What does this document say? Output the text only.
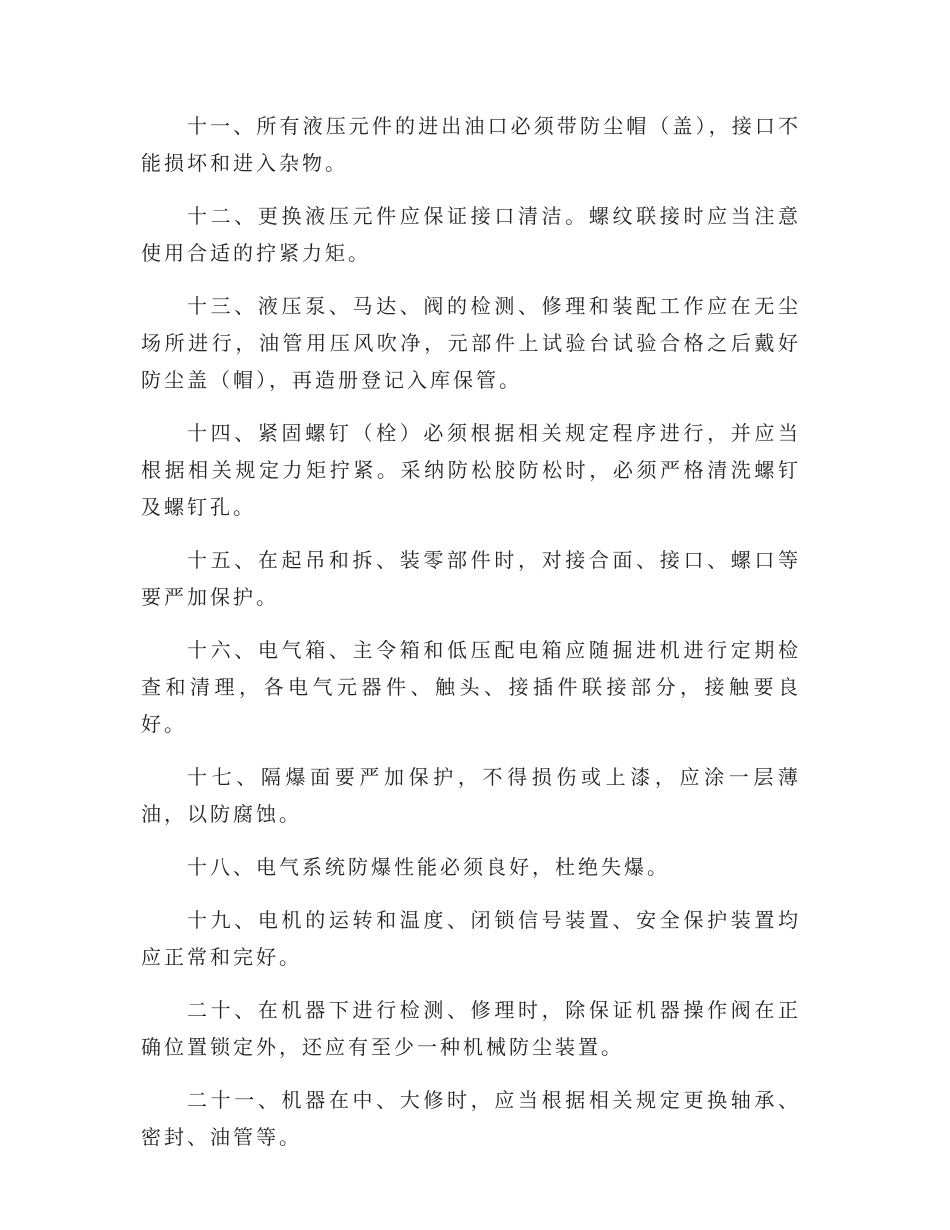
十一、所有液压元件的进出油口必须带防尘帽（盖），接口不能损坏和进入杂物。

十二、更换液压元件应保证接口清洁。螺纹联接时应当注意使用合适的拧紧力矩。

十三、液压泵、马达、阀的检测、修理和装配工作应在无尘场所进行，油管用压风吹净，元部件上试验台试验合格之后戴好防尘盖（帽），再造册登记入库保管。

十四、紧固螺钉（栓）必须根据相关规定程序进行，并应当根据相关规定力矩拧紧。采纳防松胶防松时，必须严格清洗螺钉及螺钉孔。

十五、在起吊和拆、装零部件时，对接合面、接口、螺口等要严加保护。

十六、电气箱、主令箱和低压配电箱应随掘进机进行定期检查和清理，各电气元器件、触头、接插件联接部分，接触要良好。

十七、隔爆面要严加保护，不得损伤或上漆，应涂一层薄油，以防腐蚀。

十八、电气系统防爆性能必须良好，杜绝失爆。

十九、电机的运转和温度、闭锁信号装置、安全保护装置均应正常和完好。

二十、在机器下进行检测、修理时，除保证机器操作阀在正确位置锁定外，还应有至少一种机械防尘装置。

二十一、机器在中、大修时，应当根据相关规定更换轴承、密封、油管等。
